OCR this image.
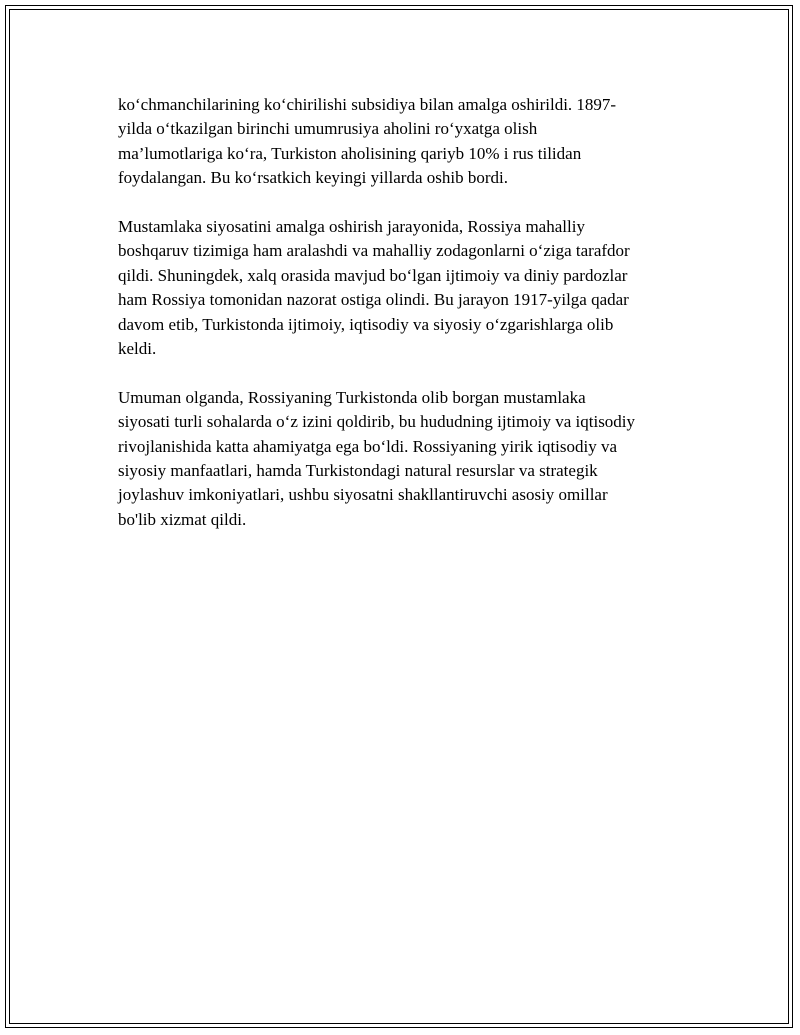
ko‘chmanchilarining ko‘chirilishi subsidiya bilan amalga oshirildi. 1897-
yilda o‘tkazilgan birinchi umumrusiya aholini ro‘yxatga olish
ma’lumotlariga ko‘ra, Turkiston aholisining qariyb 10% i rus tilidan
foydalangan. Bu ko‘rsatkich keyingi yillarda oshib bordi.

Mustamlaka siyosatini amalga oshirish jarayonida, Rossiya mahalliy
boshqaruv tizimiga ham aralashdi va mahalliy zodagonlarni o‘ziga tarafdor
qildi. Shuningdek, xalq orasida mavjud bo‘lgan ijtimoiy va diniy pardozlar
ham Rossiya tomonidan nazorat ostiga olindi. Bu jarayon 1917-yilga qadar
davom etib, Turkistonda ijtimoiy, iqtisodiy va siyosiy o‘zgarishlarga olib
keldi.

Umuman olganda, Rossiyaning Turkistonda olib borgan mustamlaka
siyosati turli sohalarda o‘z izini qoldirib, bu hududning ijtimoiy va iqtisodiy
rivojlanishida katta ahamiyatga ega bo‘ldi. Rossiyaning yirik iqtisodiy va
siyosiy manfaatlari, hamda Turkistondagi natural resurslar va strategik
joylashuv imkoniyatlari, ushbu siyosatni shakllantiruvchi asosiy omillar
bo'lib xizmat qildi.
